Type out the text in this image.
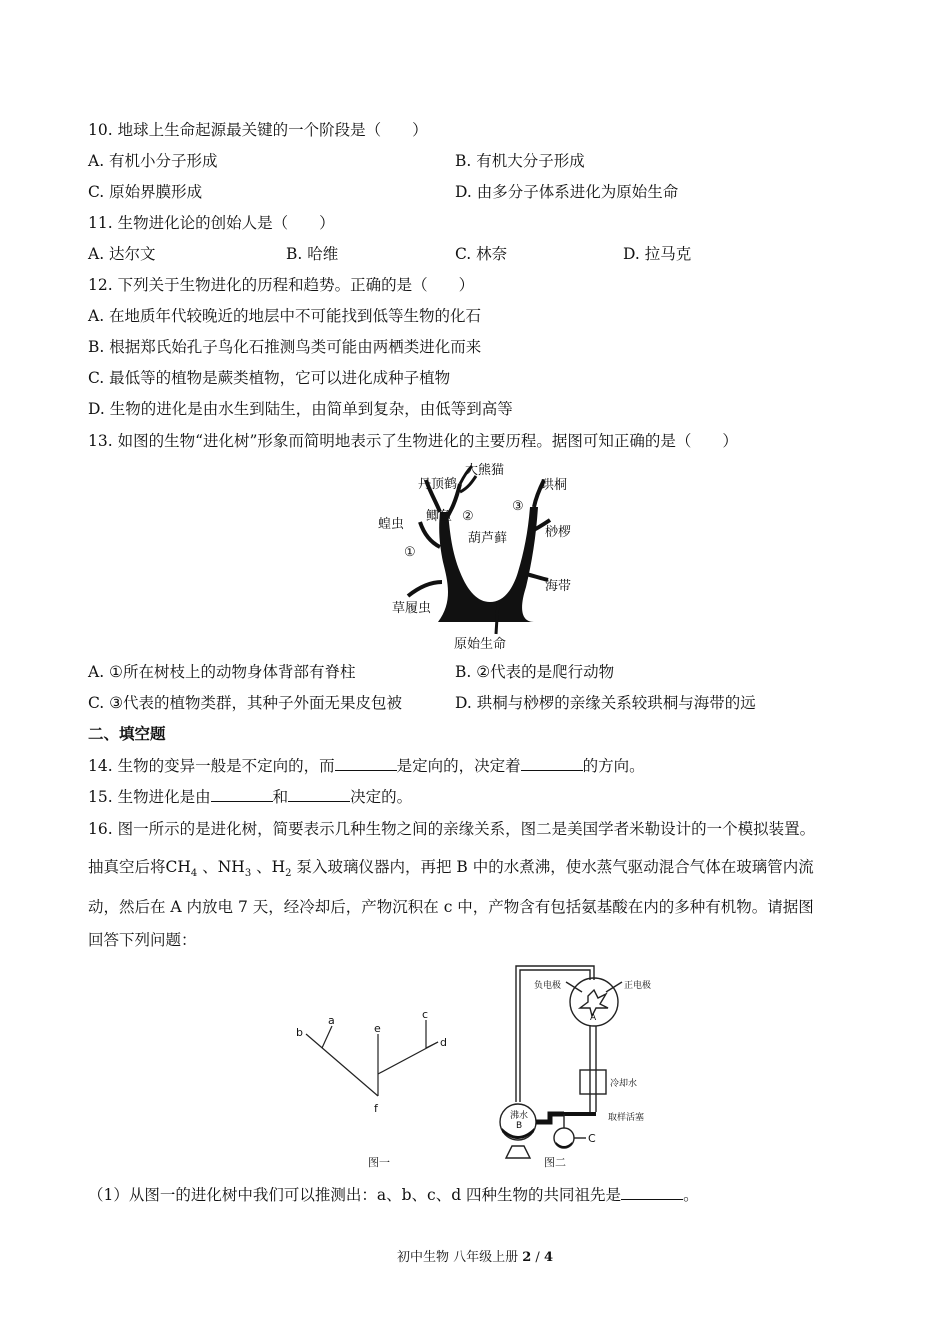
10. 地球上生命起源最关键的一个阶段是（　　）
A. 有机小分子形成	B. 有机大分子形成
C. 原始界膜形成	D. 由多分子体系进化为原始生命
11. 生物进化论的创始人是（　　）
A. 达尔文	B. 哈维	C. 林奈	D. 拉马克
12. 下列关于生物进化的历程和趋势。正确的是（　　）
A. 在地质年代较晚近的地层中不可能找到低等生物的化石
B. 根据郑氏始孔子鸟化石推测鸟类可能由两栖类进化而来
C. 最低等的植物是蕨类植物，它可以进化成种子植物
D. 生物的进化是由水生到陆生，由简单到复杂，由低等到高等
13. 如图的生物“进化树”形象而简明地表示了生物进化的主要历程。据图可知正确的是（　　）
大熊猫
丹顶鹤	珙桐
③
鲫鱼 ②
蝗虫
葫芦藓	桫椤
①
海带
草履虫
原始生命
A. ①所在树枝上的动物身体背部有脊柱	B. ②代表的是爬行动物
C. ③代表的植物类群，其种子外面无果皮包被	D. 珙桐与桫椤的亲缘关系较珙桐与海带的远
二、填空题
14. 生物的变异一般是不定向的，而	是定向的，决定着	的方向。
15. 生物进化是由	和	决定的。
16. 图一所示的是进化树，简要表示几种生物之间的亲缘关系，图二是美国学者米勒设计的一个模拟装置。
抽真空后将$CH_4$ 、$NH_3$ 、$H_2$ 泵入玻璃仪器内，再把 B 中的水煮沸，使水蒸气驱动混合气体在玻璃管内流
动，然后在 A 内放电 7 天，经冷却后，产物沉积在 c 中，产物含有包括氨基酸在内的多种有机物。请据图
回答下列问题：
a
b
c
d
e
f
图一
负电极	正电极
A
冷却水
沸水
B
取样活塞
C
图二
（1）从图一的进化树中我们可以推测出：a、b、c、d 四种生物的共同祖先是	。
初中生物 八年级上册 2 / 4
